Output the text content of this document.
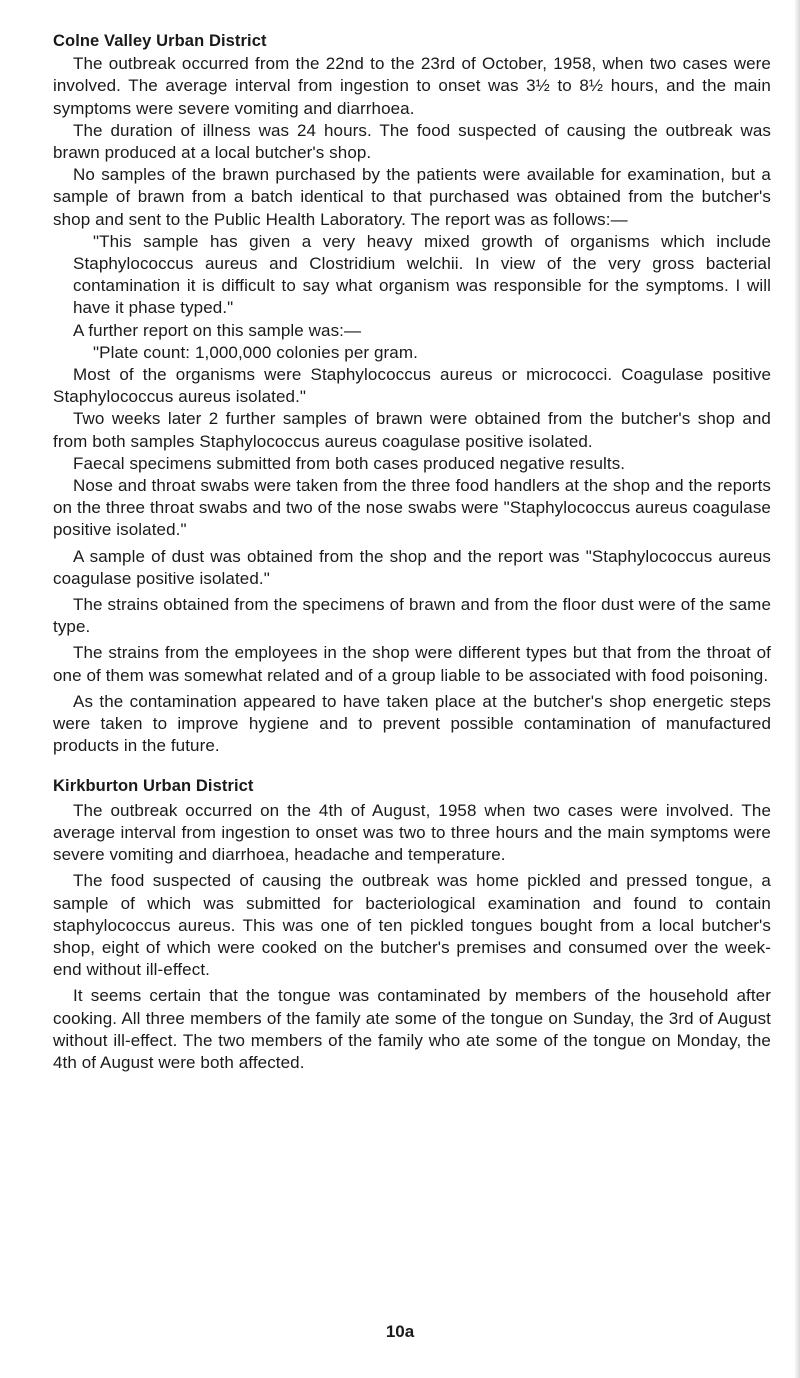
Colne Valley Urban District

The outbreak occurred from the 22nd to the 23rd of October, 1958, when two cases were involved. The average interval from ingestion to onset was 3½ to 8½ hours, and the main symptoms were severe vomiting and diarrhoea.

The duration of illness was 24 hours. The food suspected of causing the outbreak was brawn produced at a local butcher's shop.

No samples of the brawn purchased by the patients were available for examination, but a sample of brawn from a batch identical to that purchased was obtained from the butcher's shop and sent to the Public Health Laboratory. The report was as follows:—

"This sample has given a very heavy mixed growth of organisms which include Staphylococcus aureus and Clostridium welchii. In view of the very gross bacterial contamination it is difficult to say what organism was responsible for the symptoms. I will have it phase typed."

A further report on this sample was:—

"Plate count: 1,000,000 colonies per gram.

Most of the organisms were Staphylococcus aureus or micrococci. Coagulase positive Staphylococcus aureus isolated."

Two weeks later 2 further samples of brawn were obtained from the butcher's shop and from both samples Staphylococcus aureus coagulase positive isolated.

Faecal specimens submitted from both cases produced negative results.

Nose and throat swabs were taken from the three food handlers at the shop and the reports on the three throat swabs and two of the nose swabs were "Staphylococcus aureus coagulase positive isolated."

A sample of dust was obtained from the shop and the report was "Staphylococcus aureus coagulase positive isolated."

The strains obtained from the specimens of brawn and from the floor dust were of the same type.

The strains from the employees in the shop were different types but that from the throat of one of them was somewhat related and of a group liable to be associated with food poisoning.

As the contamination appeared to have taken place at the butcher's shop energetic steps were taken to improve hygiene and to prevent possible contamination of manufactured products in the future.

Kirkburton Urban District

The outbreak occurred on the 4th of August, 1958 when two cases were involved. The average interval from ingestion to onset was two to three hours and the main symptoms were severe vomiting and diarrhoea, headache and temperature.

The food suspected of causing the outbreak was home pickled and pressed tongue, a sample of which was submitted for bacteriological examination and found to contain staphylococcus aureus. This was one of ten pickled tongues bought from a local butcher's shop, eight of which were cooked on the butcher's premises and consumed over the week-end without ill-effect.

It seems certain that the tongue was contaminated by members of the household after cooking. All three members of the family ate some of the tongue on Sunday, the 3rd of August without ill-effect. The two members of the family who ate some of the tongue on Monday, the 4th of August were both affected.

10a
